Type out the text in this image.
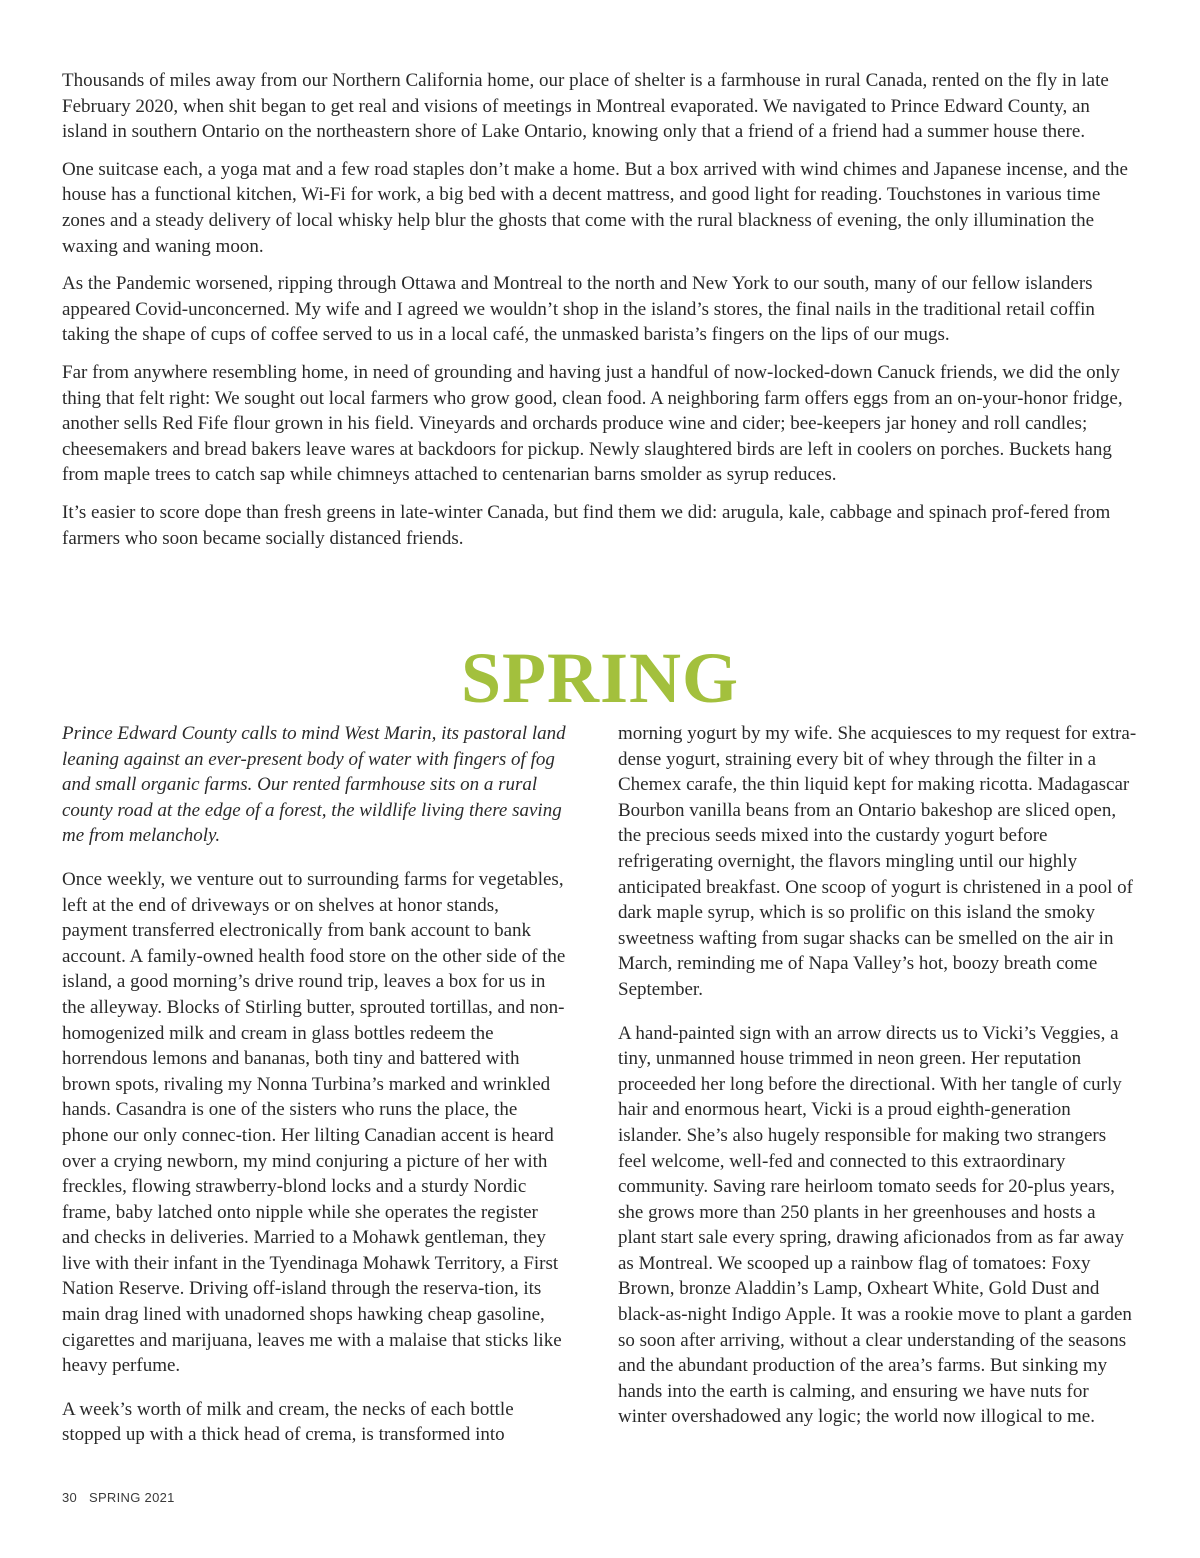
Thousands of miles away from our Northern California home, our place of shelter is a farmhouse in rural Canada, rented on the fly in late February 2020, when shit began to get real and visions of meetings in Montreal evaporated. We navigated to Prince Edward County, an island in southern Ontario on the northeastern shore of Lake Ontario, knowing only that a friend of a friend had a summer house there.

One suitcase each, a yoga mat and a few road staples don’t make a home. But a box arrived with wind chimes and Japanese incense, and the house has a functional kitchen, Wi-Fi for work, a big bed with a decent mattress, and good light for reading. Touchstones in various time zones and a steady delivery of local whisky help blur the ghosts that come with the rural blackness of evening, the only illumination the waxing and waning moon.

As the Pandemic worsened, ripping through Ottawa and Montreal to the north and New York to our south, many of our fellow islanders appeared Covid-unconcerned. My wife and I agreed we wouldn’t shop in the island’s stores, the final nails in the traditional retail coffin taking the shape of cups of coffee served to us in a local café, the unmasked barista’s fingers on the lips of our mugs.

Far from anywhere resembling home, in need of grounding and having just a handful of now-locked-down Canuck friends, we did the only thing that felt right: We sought out local farmers who grow good, clean food. A neighboring farm offers eggs from an on-your-honor fridge, another sells Red Fife flour grown in his field. Vineyards and orchards produce wine and cider; bee-keepers jar honey and roll candles; cheesemakers and bread bakers leave wares at backdoors for pickup. Newly slaughtered birds are left in coolers on porches. Buckets hang from maple trees to catch sap while chimneys attached to centenarian barns smolder as syrup reduces.

It’s easier to score dope than fresh greens in late-winter Canada, but find them we did: arugula, kale, cabbage and spinach prof-fered from farmers who soon became socially distanced friends.

SPRING

Prince Edward County calls to mind West Marin, its pastoral land leaning against an ever-present body of water with fingers of fog and small organic farms. Our rented farmhouse sits on a rural county road at the edge of a forest, the wildlife living there saving me from melancholy.

Once weekly, we venture out to surrounding farms for vegetables, left at the end of driveways or on shelves at honor stands, payment transferred electronically from bank account to bank account. A family-owned health food store on the other side of the island, a good morning’s drive round trip, leaves a box for us in the alleyway. Blocks of Stirling butter, sprouted tortillas, and non-homogenized milk and cream in glass bottles redeem the horrendous lemons and bananas, both tiny and battered with brown spots, rivaling my Nonna Turbina’s marked and wrinkled hands. Casandra is one of the sisters who runs the place, the phone our only connec-tion. Her lilting Canadian accent is heard over a crying newborn, my mind conjuring a picture of her with freckles, flowing strawberry-blond locks and a sturdy Nordic frame, baby latched onto nipple while she operates the register and checks in deliveries. Married to a Mohawk gentleman, they live with their infant in the Tyendinaga Mohawk Territory, a First Nation Reserve. Driving off-island through the reserva-tion, its main drag lined with unadorned shops hawking cheap gasoline, cigarettes and marijuana, leaves me with a malaise that sticks like heavy perfume.

A week’s worth of milk and cream, the necks of each bottle stopped up with a thick head of crema, is transformed into

morning yogurt by my wife. She acquiesces to my request for extra-dense yogurt, straining every bit of whey through the filter in a Chemex carafe, the thin liquid kept for making ricotta. Madagascar Bourbon vanilla beans from an Ontario bakeshop are sliced open, the precious seeds mixed into the custardy yogurt before refrigerating overnight, the flavors mingling until our highly anticipated breakfast. One scoop of yogurt is christened in a pool of dark maple syrup, which is so prolific on this island the smoky sweetness wafting from sugar shacks can be smelled on the air in March, reminding me of Napa Valley’s hot, boozy breath come September.

A hand-painted sign with an arrow directs us to Vicki’s Veggies, a tiny, unmanned house trimmed in neon green. Her reputation proceeded her long before the directional. With her tangle of curly hair and enormous heart, Vicki is a proud eighth-generation islander. She’s also hugely responsible for making two strangers feel welcome, well-fed and connected to this extraordinary community. Saving rare heirloom tomato seeds for 20-plus years, she grows more than 250 plants in her greenhouses and hosts a plant start sale every spring, drawing aficionados from as far away as Montreal. We scooped up a rainbow flag of tomatoes: Foxy Brown, bronze Aladdin’s Lamp, Oxheart White, Gold Dust and black-as-night Indigo Apple. It was a rookie move to plant a garden so soon after arriving, without a clear understanding of the seasons and the abundant production of the area’s farms. But sinking my hands into the earth is calming, and ensuring we have nuts for winter overshadowed any logic; the world now illogical to me.

30 SPRING 2021
